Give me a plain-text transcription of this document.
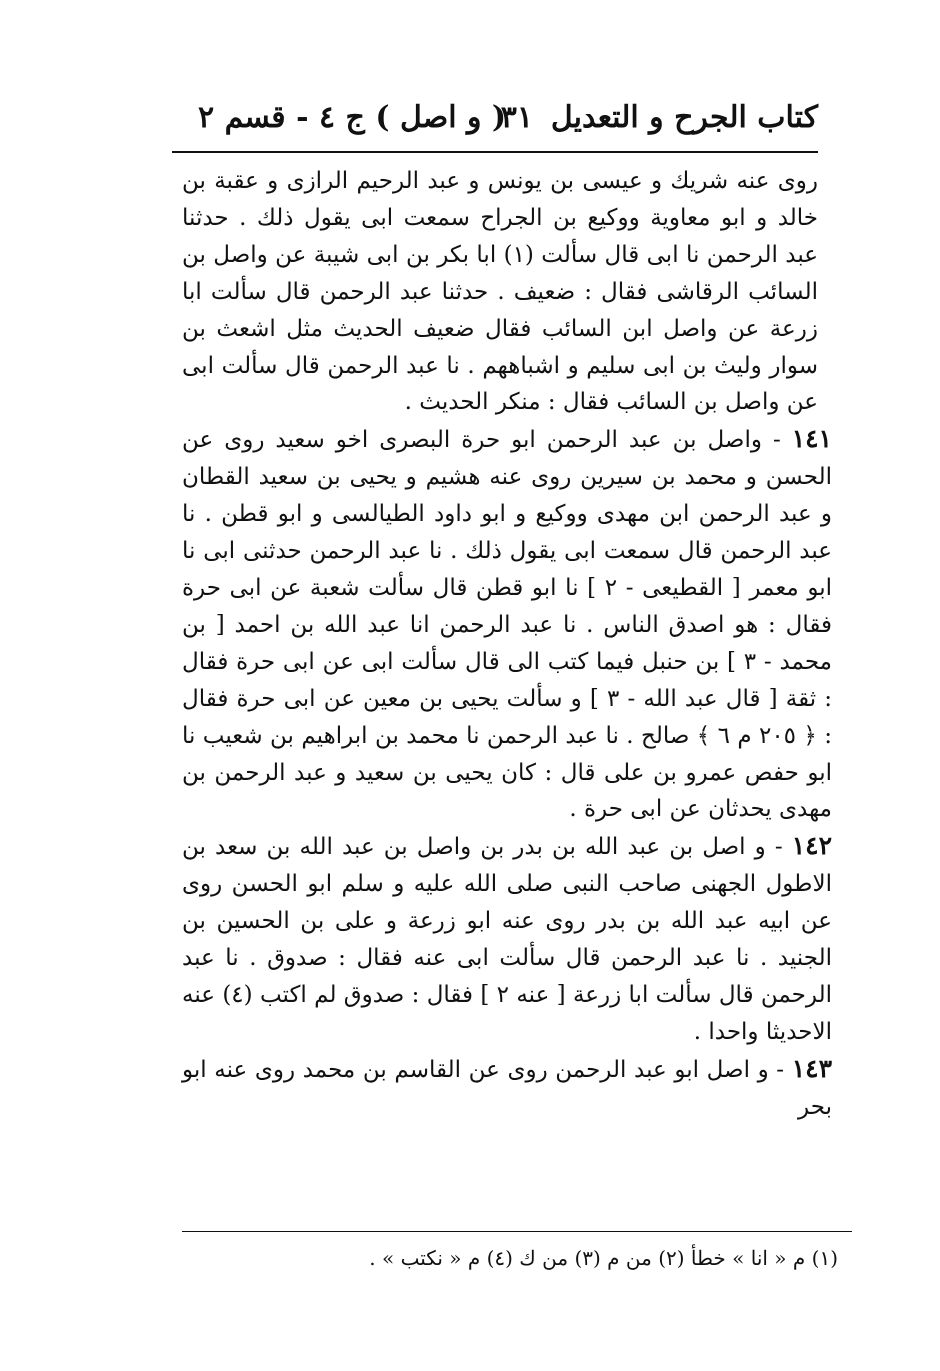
كتاب الجرح و التعديل
٣١
( و اصل ) ج ٤ - قسم ٢

روى عنه شريك و عيسى بن يونس و عبد الرحيم الرازى و عقبة بن خالد و ابو معاوية ووكيع بن الجراح سمعت ابى يقول ذلك . حدثنا عبد الرحمن نا ابى قال سألت (١) ابا بكر بن ابى شيبة عن واصل بن السائب الرقاشى فقال : ضعيف . حدثنا عبد الرحمن قال سألت ابا زرعة عن واصل ابن السائب فقال ضعيف الحديث مثل اشعث بن سوار وليث بن ابى سليم و اشباههم . نا عبد الرحمن قال سألت ابى عن واصل بن السائب فقال : منكر الحديث .

١٤١ - واصل بن عبد الرحمن ابو حرة البصرى اخو سعيد روى عن الحسن و محمد بن سيرين روى عنه هشيم و يحيى بن سعيد القطان و عبد الرحمن ابن مهدى ووكيع و ابو داود الطيالسى و ابو قطن . نا عبد الرحمن قال سمعت ابى يقول ذلك . نا عبد الرحمن حدثنى ابى نا ابو معمر [ القطيعى - ٢ ] نا ابو قطن قال سألت شعبة عن ابى حرة فقال : هو اصدق الناس . نا عبد الرحمن انا عبد الله بن احمد [ بن محمد - ٣ ] بن حنبل فيما كتب الى قال سألت ابى عن ابى حرة فقال : ثقة [ قال عبد الله - ٣ ] و سألت يحيى بن معين عن ابى حرة فقال : ﴿ ٢٠٥ م ٦ ﴾ صالح . نا عبد الرحمن نا محمد بن ابراهيم بن شعيب نا ابو حفص عمرو بن على قال : كان يحيى بن سعيد و عبد الرحمن بن مهدى يحدثان عن ابى حرة .

١٤٢ - و اصل بن عبد الله بن بدر بن واصل بن عبد الله بن سعد بن الاطول الجهنى صاحب النبى صلى الله عليه و سلم ابو الحسن روى عن ابيه عبد الله بن بدر روى عنه ابو زرعة و على بن الحسين بن الجنيد . نا عبد الرحمن قال سألت ابى عنه فقال : صدوق . نا عبد الرحمن قال سألت ابا زرعة [ عنه ٢ ] فقال : صدوق لم اكتب (٤) عنه الاحديثا واحدا .

١٤٣ - و اصل ابو عبد الرحمن روى عن القاسم بن محمد روى عنه ابو بحر

(١) م « انا » خطأ (٢) من م (٣) من ك (٤) م « نكتب » .
